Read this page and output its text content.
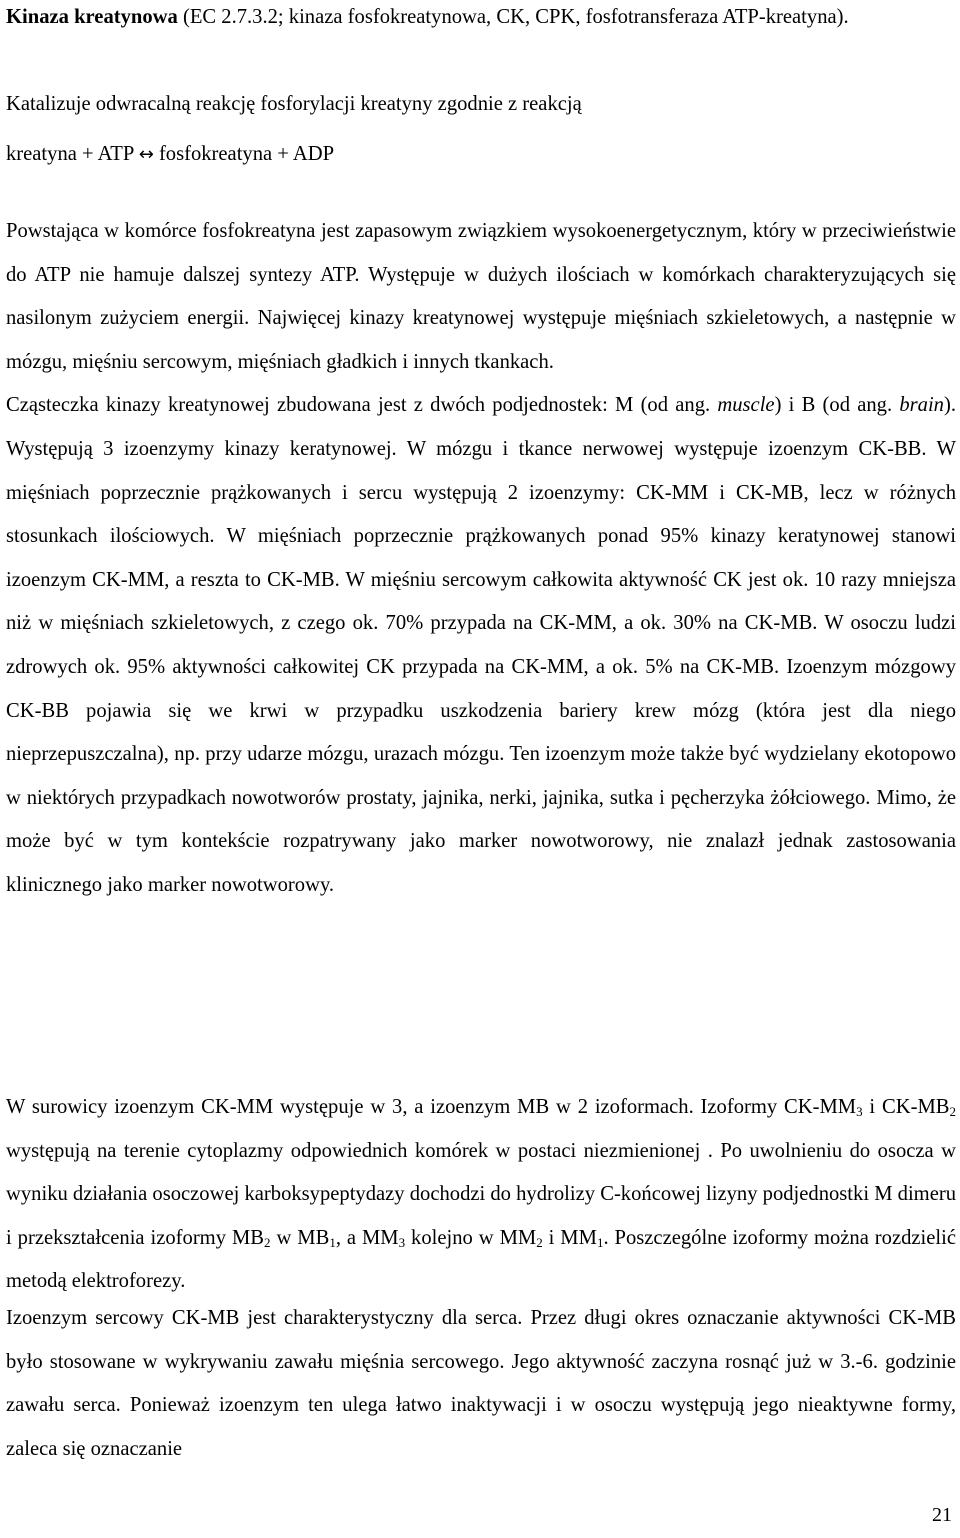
Kinaza kreatynowa (EC 2.7.3.2; kinaza fosfokreatynowa, CK, CPK, fosfotransferaza ATP-kreatyna).

Katalizuje odwracalną reakcję fosforylacji kreatyny zgodnie z reakcją
kreatyna + ATP ↔ fosfokreatyna + ADP

Powstająca w komórce fosfokreatyna jest zapasowym związkiem wysokoenergetycznym, który w przeciwieństwie do ATP nie hamuje dalszej syntezy ATP. Występuje w dużych ilościach w komórkach charakteryzujących się nasilonym zużyciem energii. Najwięcej kinazy kreatynowej występuje mięśniach szkieletowych, a następnie w mózgu, mięśniu sercowym, mięśniach gładkich i innych tkankach.
Cząsteczka kinazy kreatynowej zbudowana jest z dwóch podjednostek: M (od ang. muscle) i B (od ang. brain). Występują 3 izoenzymy kinazy keratynowej. W mózgu i tkance nerwowej występuje izoenzym CK-BB. W mięśniach poprzecznie prążkowanych i sercu występują 2 izoenzymy: CK-MM i CK-MB, lecz w różnych stosunkach ilościowych. W mięśniach poprzecznie prążkowanych ponad 95% kinazy keratynowej stanowi izoenzym CK-MM, a reszta to CK-MB. W mięśniu sercowym całkowita aktywność CK jest ok. 10 razy mniejsza niż w mięśniach szkieletowych, z czego ok. 70% przypada na CK-MM, a ok. 30% na CK-MB. W osoczu ludzi zdrowych ok. 95% aktywności całkowitej CK przypada na CK-MM, a ok. 5% na CK-MB. Izoenzym mózgowy CK-BB pojawia się we krwi w przypadku uszkodzenia bariery krew mózg (która jest dla niego nieprzepuszczalna), np. przy udarze mózgu, urazach mózgu. Ten izoenzym może także być wydzielany ekotopowo w niektórych przypadkach nowotworów prostaty, jajnika, nerki, jajnika, sutka i pęcherzyka żółciowego. Mimo, że może być w tym kontekście rozpatrywany jako marker nowotworowy, nie znalazł jednak zastosowania klinicznego jako marker nowotworowy.

W surowicy izoenzym CK-MM występuje w 3, a izoenzym MB w 2 izoformach. Izoformy $CK-MM_3$ i $CK-MB_2$ występują na terenie cytoplazmy odpowiednich komórek w postaci niezmienionej . Po uwolnieniu do osocza w wyniku działania osoczowej karboksypeptydazy dochodzi do hydrolizy C-końcowej lizyny podjednostki M dimeru i przekształcenia izoformy $MB_2$ w $MB_1$, a $MM_3$ kolejno w $MM_2$ i $MM_1$. Poszczególne izoformy można rozdzielić metodą elektroforezy.

Izoenzym sercowy CK-MB jest charakterystyczny dla serca. Przez długi okres oznaczanie aktywności CK-MB było stosowane w wykrywaniu zawału mięśnia sercowego. Jego aktywność zaczyna rosnąć już w 3.-6. godzinie zawału serca. Ponieważ izoenzym ten ulega łatwo inaktywacji i w osoczu występują jego nieaktywne formy, zaleca się oznaczanie

21
